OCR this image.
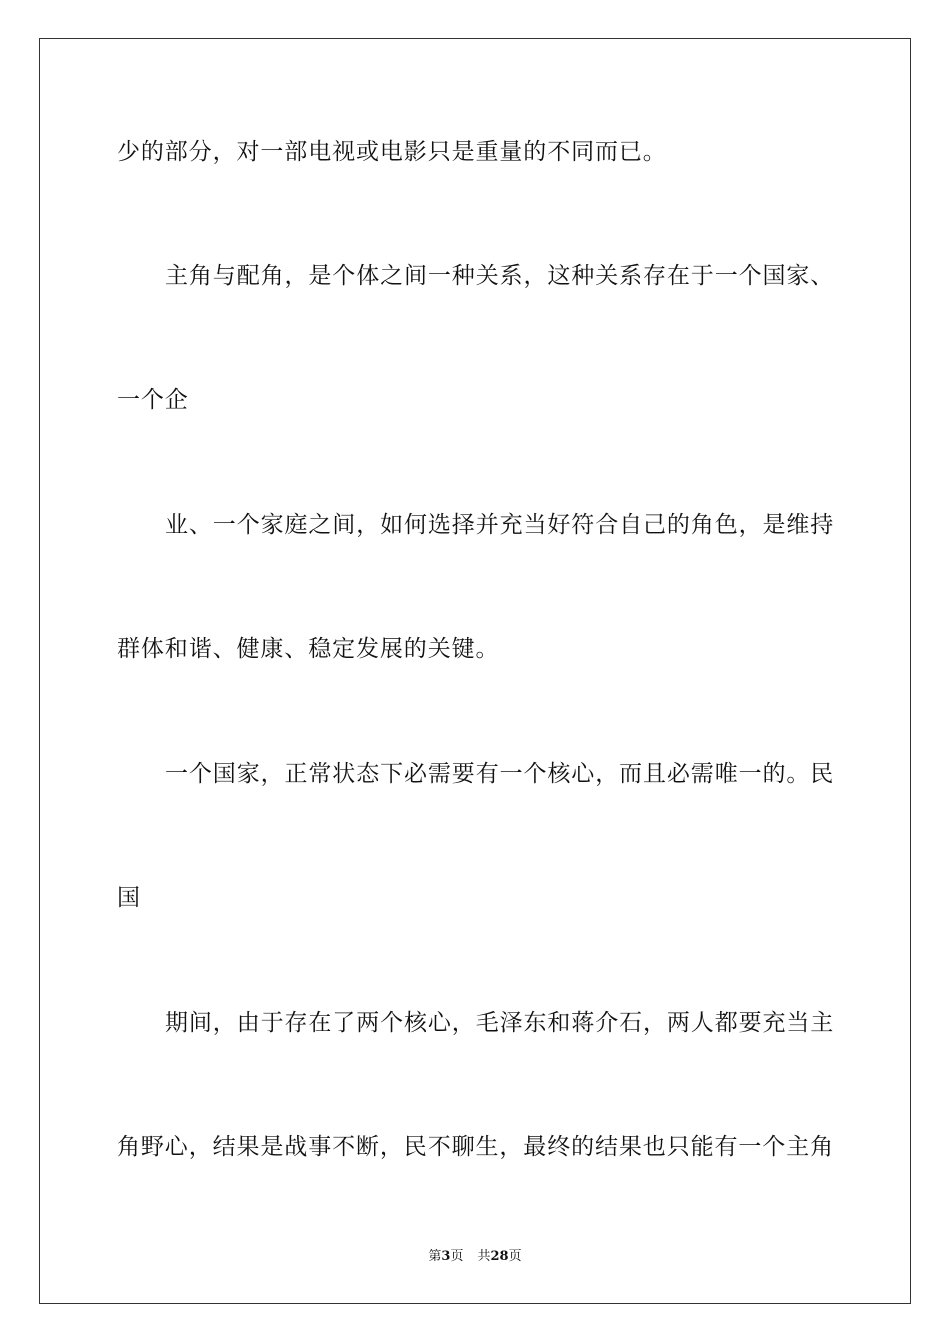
少的部分，对一部电视或电影只是重量的不同而已。
主角与配角，是个体之间一种关系，这种关系存在于一个国家、
一个企
业、一个家庭之间，如何选择并充当好符合自己的角色，是维持
群体和谐、健康、稳定发展的关键。
一个国家，正常状态下必需要有一个核心，而且必需唯一的。民
国
期间，由于存在了两个核心，毛泽东和蒋介石，两人都要充当主
角野心，结果是战事不断，民不聊生，最终的结果也只能有一个主角
第3页 共28页
